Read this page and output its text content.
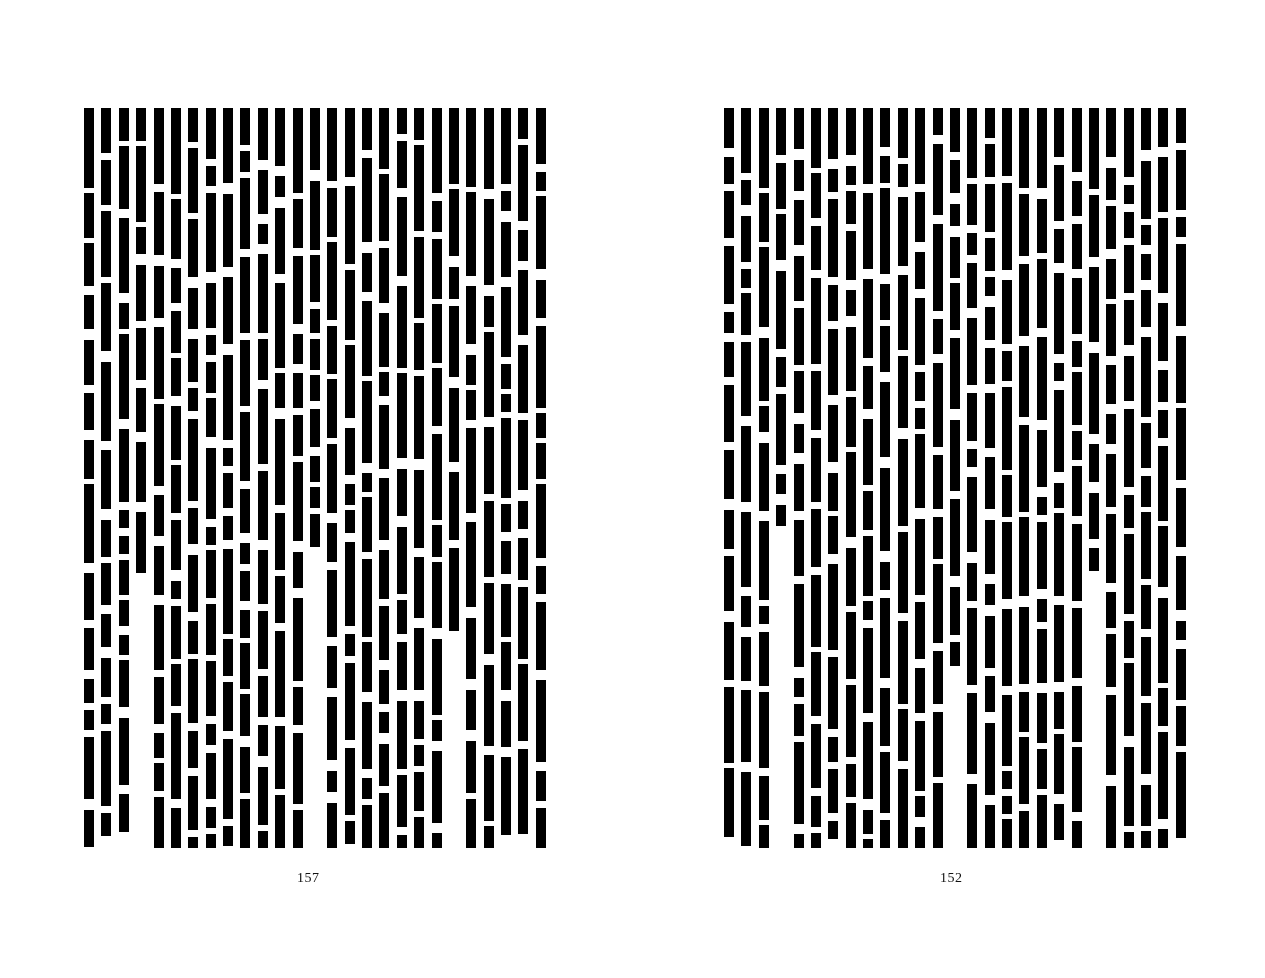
157	152
